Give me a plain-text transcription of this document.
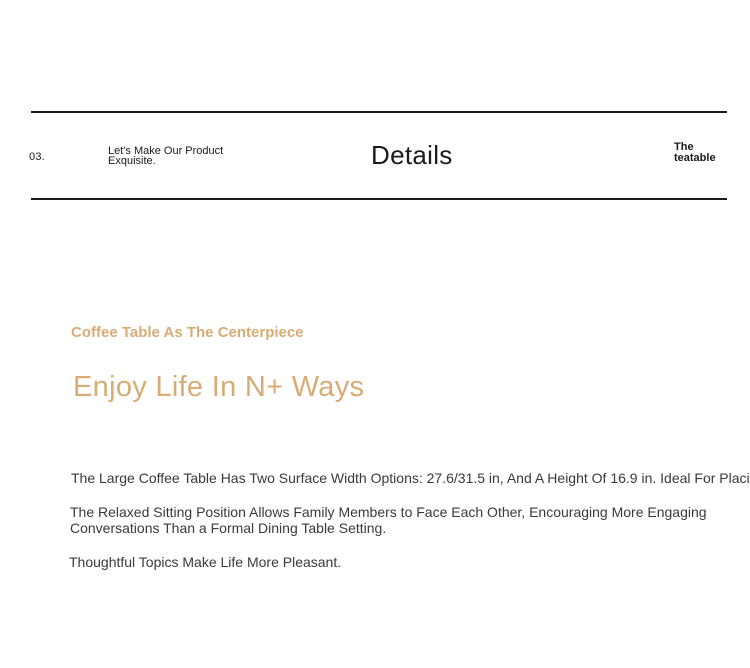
03.	Let's Make Our Product
Exquisite.	Details	The
teatable
Coffee Table As The Centerpiece
Enjoy Life In N+ Ways
The Large Coffee Table Has Two Surface Width Options: 27.6/31.5 in, And A Height Of 16.9 in. Ideal For Placi
The Relaxed Sitting Position Allows Family Members to Face Each Other, Encouraging More Engaging Conversations Than a Formal Dining Table Setting.
Thoughtful Topics Make Life More Pleasant.
